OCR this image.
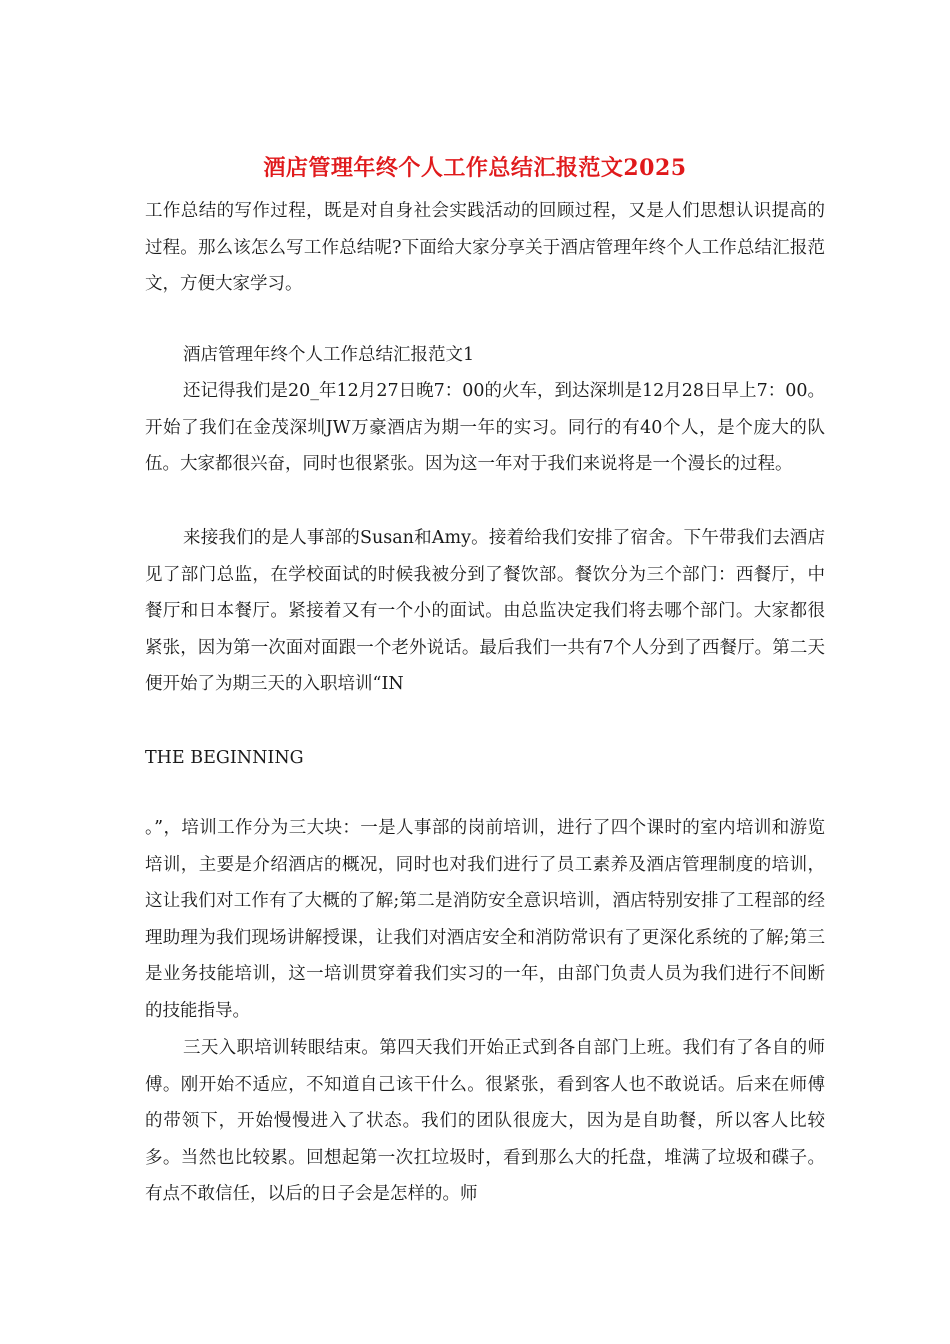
酒店管理年终个人工作总结汇报范文2025

工作总结的写作过程，既是对自身社会实践活动的回顾过程，又是人们思想认识提高的过程。那么该怎么写工作总结呢?下面给大家分享关于酒店管理年终个人工作总结汇报范文，方便大家学习。

酒店管理年终个人工作总结汇报范文1

还记得我们是20_年12月27日晚7：00的火车，到达深圳是12月28日早上7：00。开始了我们在金茂深圳JW万豪酒店为期一年的实习。同行的有40个人，是个庞大的队伍。大家都很兴奋，同时也很紧张。因为这一年对于我们来说将是一个漫长的过程。

来接我们的是人事部的Susan和Amy。接着给我们安排了宿舍。下午带我们去酒店见了部门总监，在学校面试的时候我被分到了餐饮部。餐饮分为三个部门：西餐厅，中餐厅和日本餐厅。紧接着又有一个小的面试。由总监决定我们将去哪个部门。大家都很紧张，因为第一次面对面跟一个老外说话。最后我们一共有7个人分到了西餐厅。第二天便开始了为期三天的入职培训“IN

THE BEGINNING

。”，培训工作分为三大块：一是人事部的岗前培训，进行了四个课时的室内培训和游览培训，主要是介绍酒店的概况，同时也对我们进行了员工素养及酒店管理制度的培训，这让我们对工作有了大概的了解;第二是消防安全意识培训，酒店特别安排了工程部的经理助理为我们现场讲解授课，让我们对酒店安全和消防常识有了更深化系统的了解;第三是业务技能培训，这一培训贯穿着我们实习的一年，由部门负责人员为我们进行不间断的技能指导。

三天入职培训转眼结束。第四天我们开始正式到各自部门上班。我们有了各自的师傅。刚开始不适应，不知道自己该干什么。很紧张，看到客人也不敢说话。后来在师傅的带领下，开始慢慢进入了状态。我们的团队很庞大，因为是自助餐，所以客人比较多。当然也比较累。回想起第一次扛垃圾时，看到那么大的托盘，堆满了垃圾和碟子。有点不敢信任，以后的日子会是怎样的。师
